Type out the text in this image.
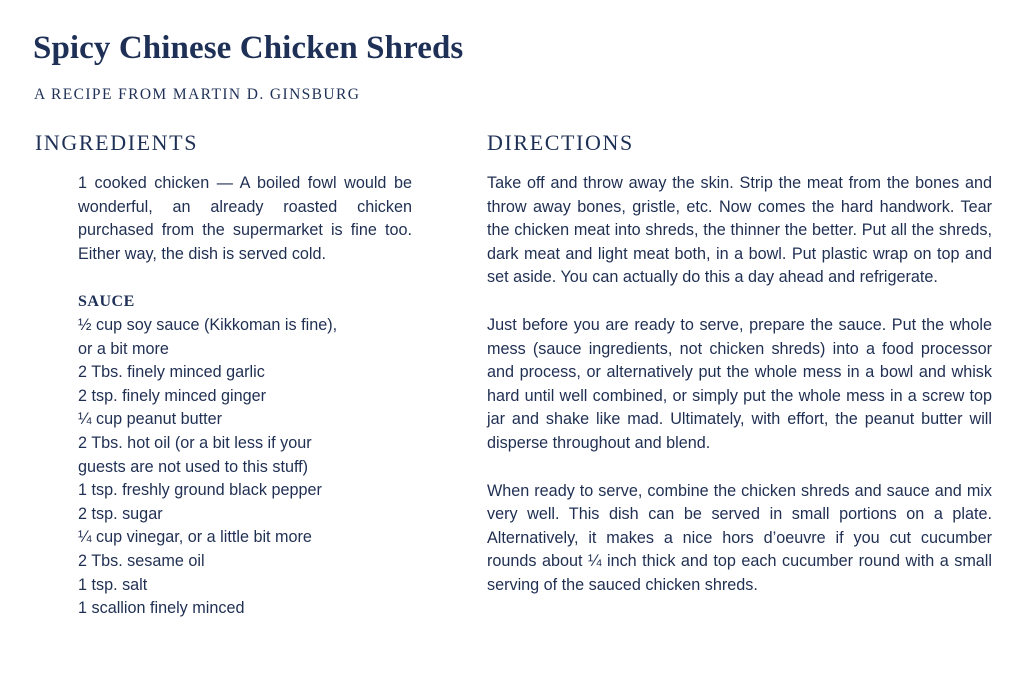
Spicy Chinese Chicken Shreds
A RECIPE FROM MARTIN D. GINSBURG
INGREDIENTS	DIRECTIONS

1 cooked chicken — A boiled fowl would be wonderful, an already roasted chicken purchased from the supermarket is fine too. Either way, the dish is served cold.

SAUCE
½ cup soy sauce (Kikkoman is fine),
or a bit more
2 Tbs. finely minced garlic
2 tsp. finely minced ginger
¼ cup peanut butter
2 Tbs. hot oil (or a bit less if your
guests are not used to this stuff)
1 tsp. freshly ground black pepper
2 tsp. sugar
¼ cup vinegar, or a little bit more
2 Tbs. sesame oil
1 tsp. salt
1 scallion finely minced

Take off and throw away the skin. Strip the meat from the bones and throw away bones, gristle, etc. Now comes the hard handwork. Tear the chicken meat into shreds, the thinner the better. Put all the shreds, dark meat and light meat both, in a bowl. Put plastic wrap on top and set aside. You can actually do this a day ahead and refrigerate.

Just before you are ready to serve, prepare the sauce. Put the whole mess (sauce ingredients, not chicken shreds) into a food processor and process, or alternatively put the whole mess in a bowl and whisk hard until well combined, or simply put the whole mess in a screw top jar and shake like mad. Ultimately, with effort, the peanut butter will disperse throughout and blend.

When ready to serve, combine the chicken shreds and sauce and mix very well. This dish can be served in small portions on a plate. Alternatively, it makes a nice hors d’oeuvre if you cut cucumber rounds about ¼ inch thick and top each cucumber round with a small serving of the sauced chicken shreds.
